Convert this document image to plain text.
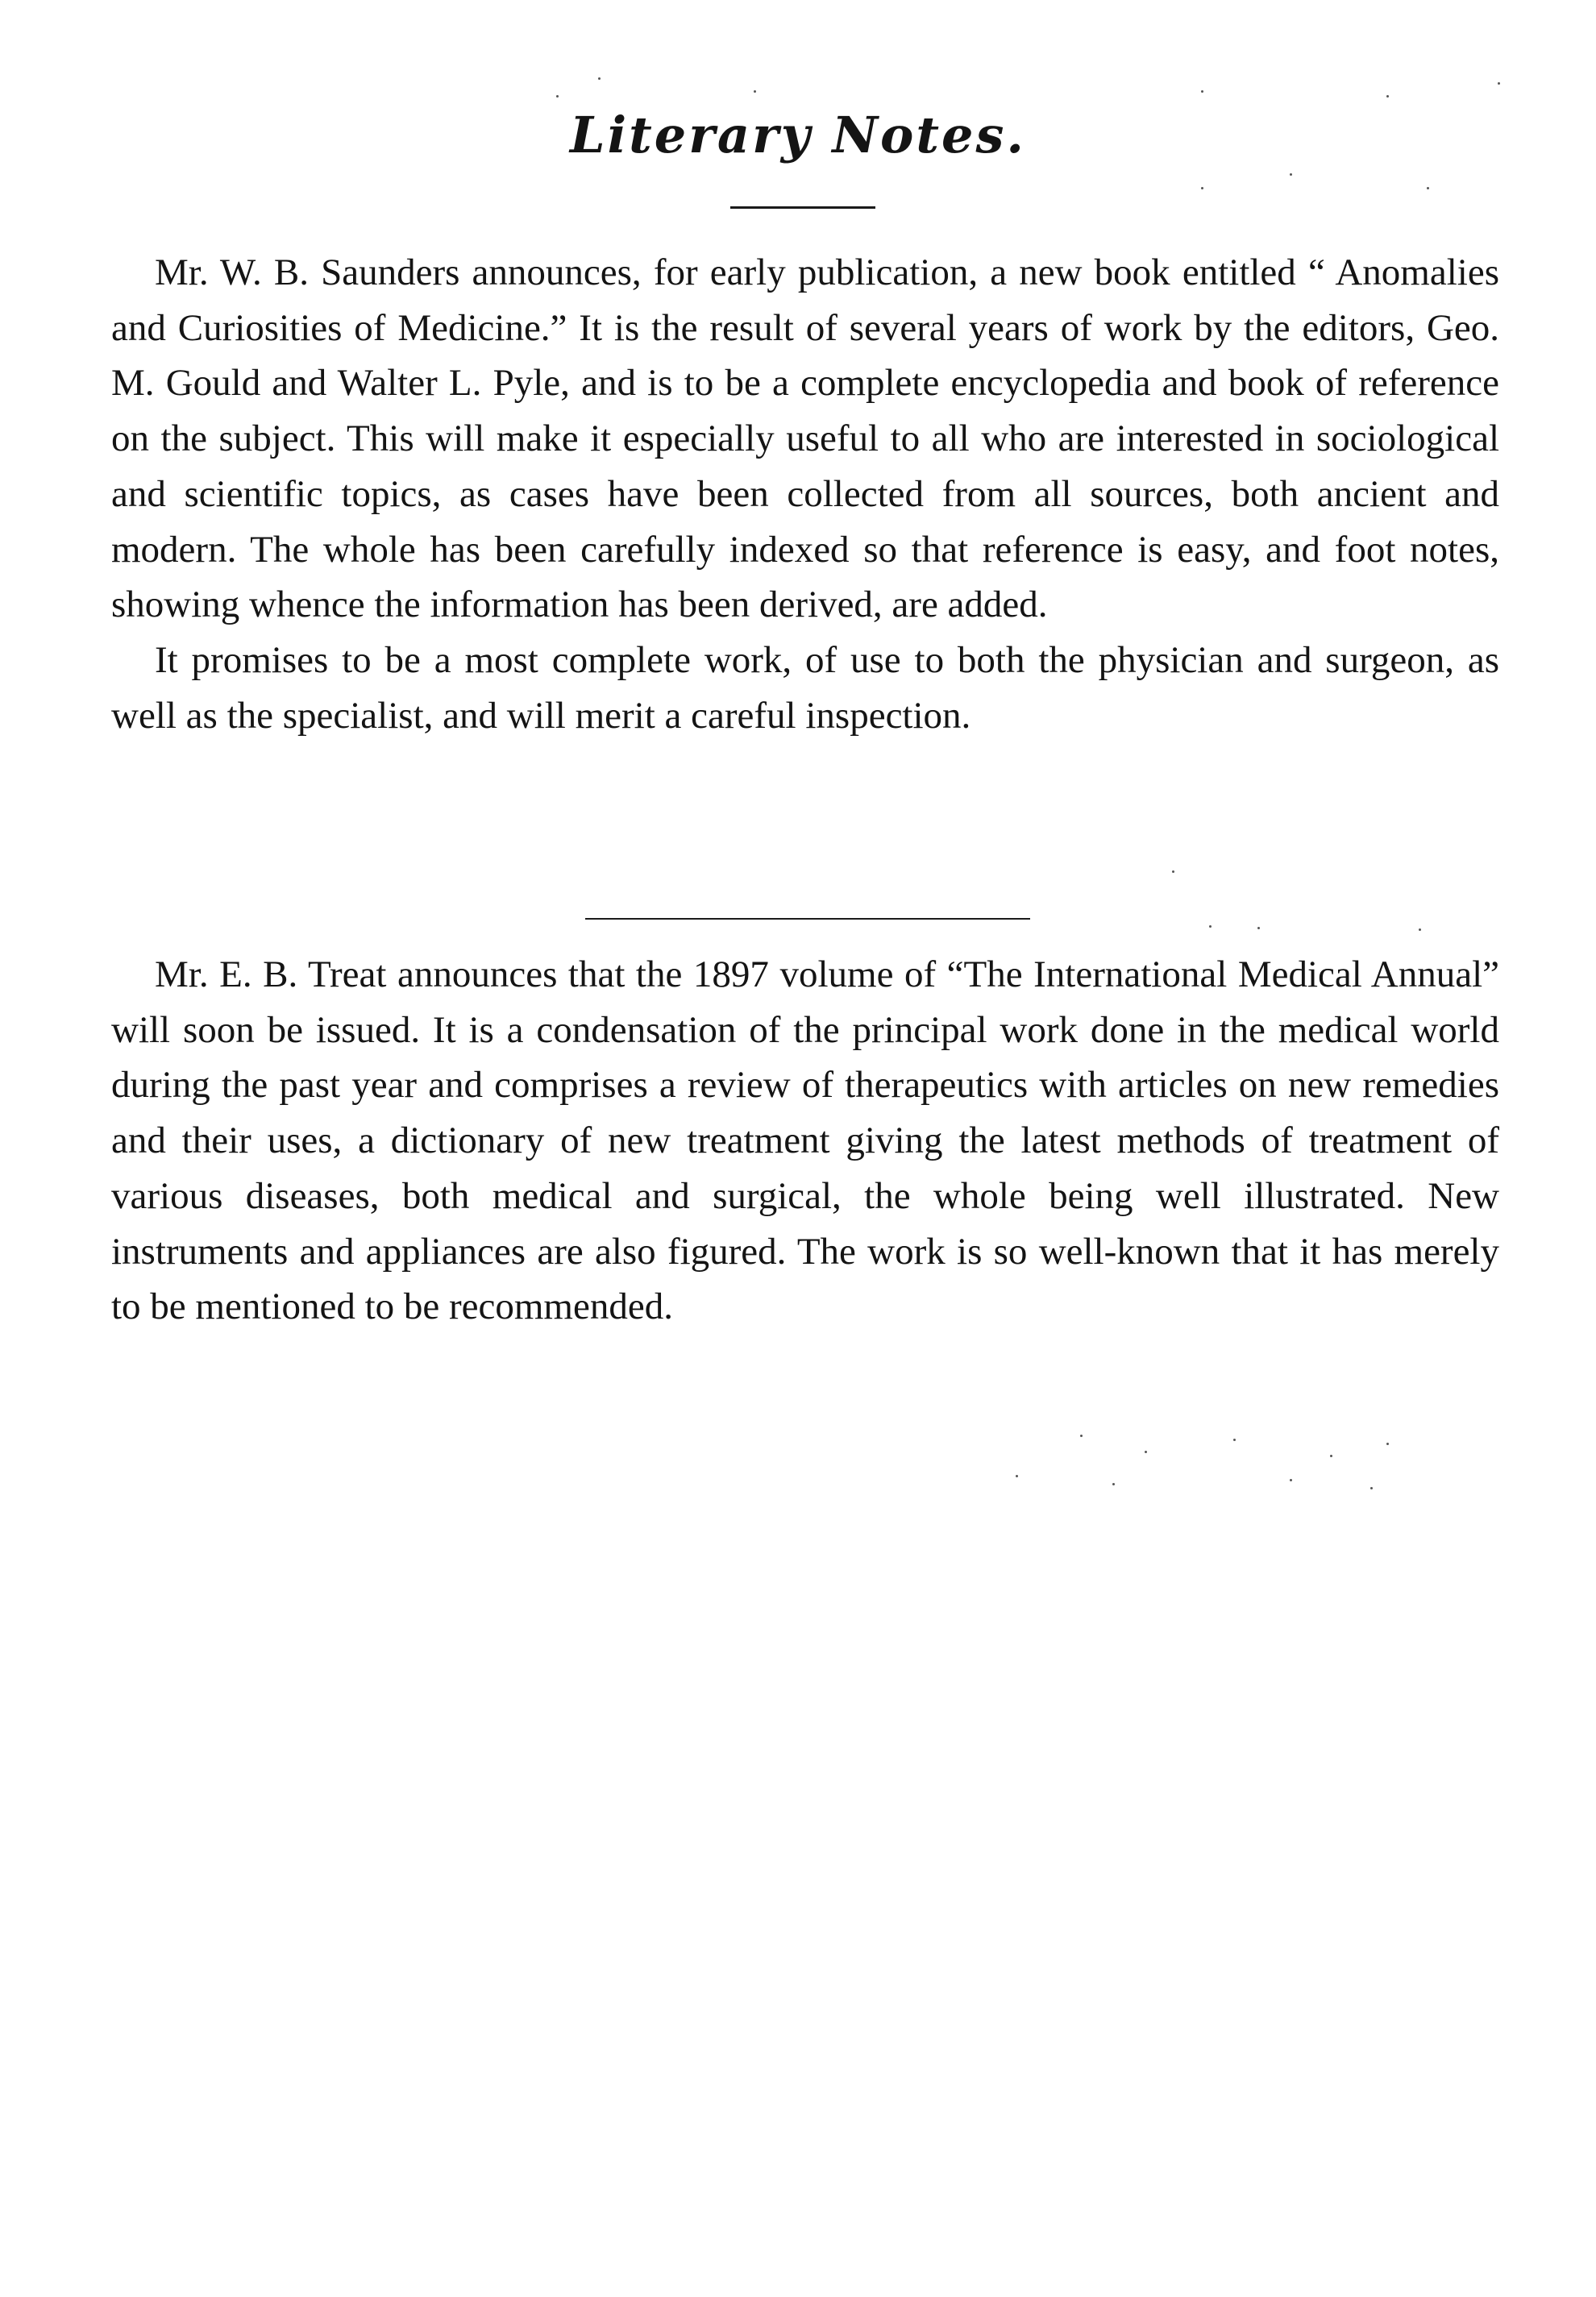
Literary Notes.

Mr. W. B. Saunders announces, for early publication, a new book entitled “ Anomalies and Curiosities of Medicine.” It is the result of several years of work by the editors, Geo. M. Gould and Walter L. Pyle, and is to be a complete encyclopedia and book of reference on the subject. This will make it especially useful to all who are interested in sociological and scientific topics, as cases have been collected from all sources, both ancient and modern. The whole has been carefully indexed so that reference is easy, and foot notes, showing whence the information has been derived, are added.

It promises to be a most complete work, of use to both the physician and surgeon, as well as the specialist, and will merit a careful inspection.

Mr. E. B. Treat announces that the 1897 volume of “The International Medical Annual” will soon be issued. It is a condensation of the principal work done in the medical world during the past year and comprises a review of therapeutics with articles on new remedies and their uses, a dictionary of new treatment giving the latest methods of treatment of various diseases, both medical and surgical, the whole being well illustrated. New instruments and appliances are also figured. The work is so well-known that it has merely to be mentioned to be recommended.
